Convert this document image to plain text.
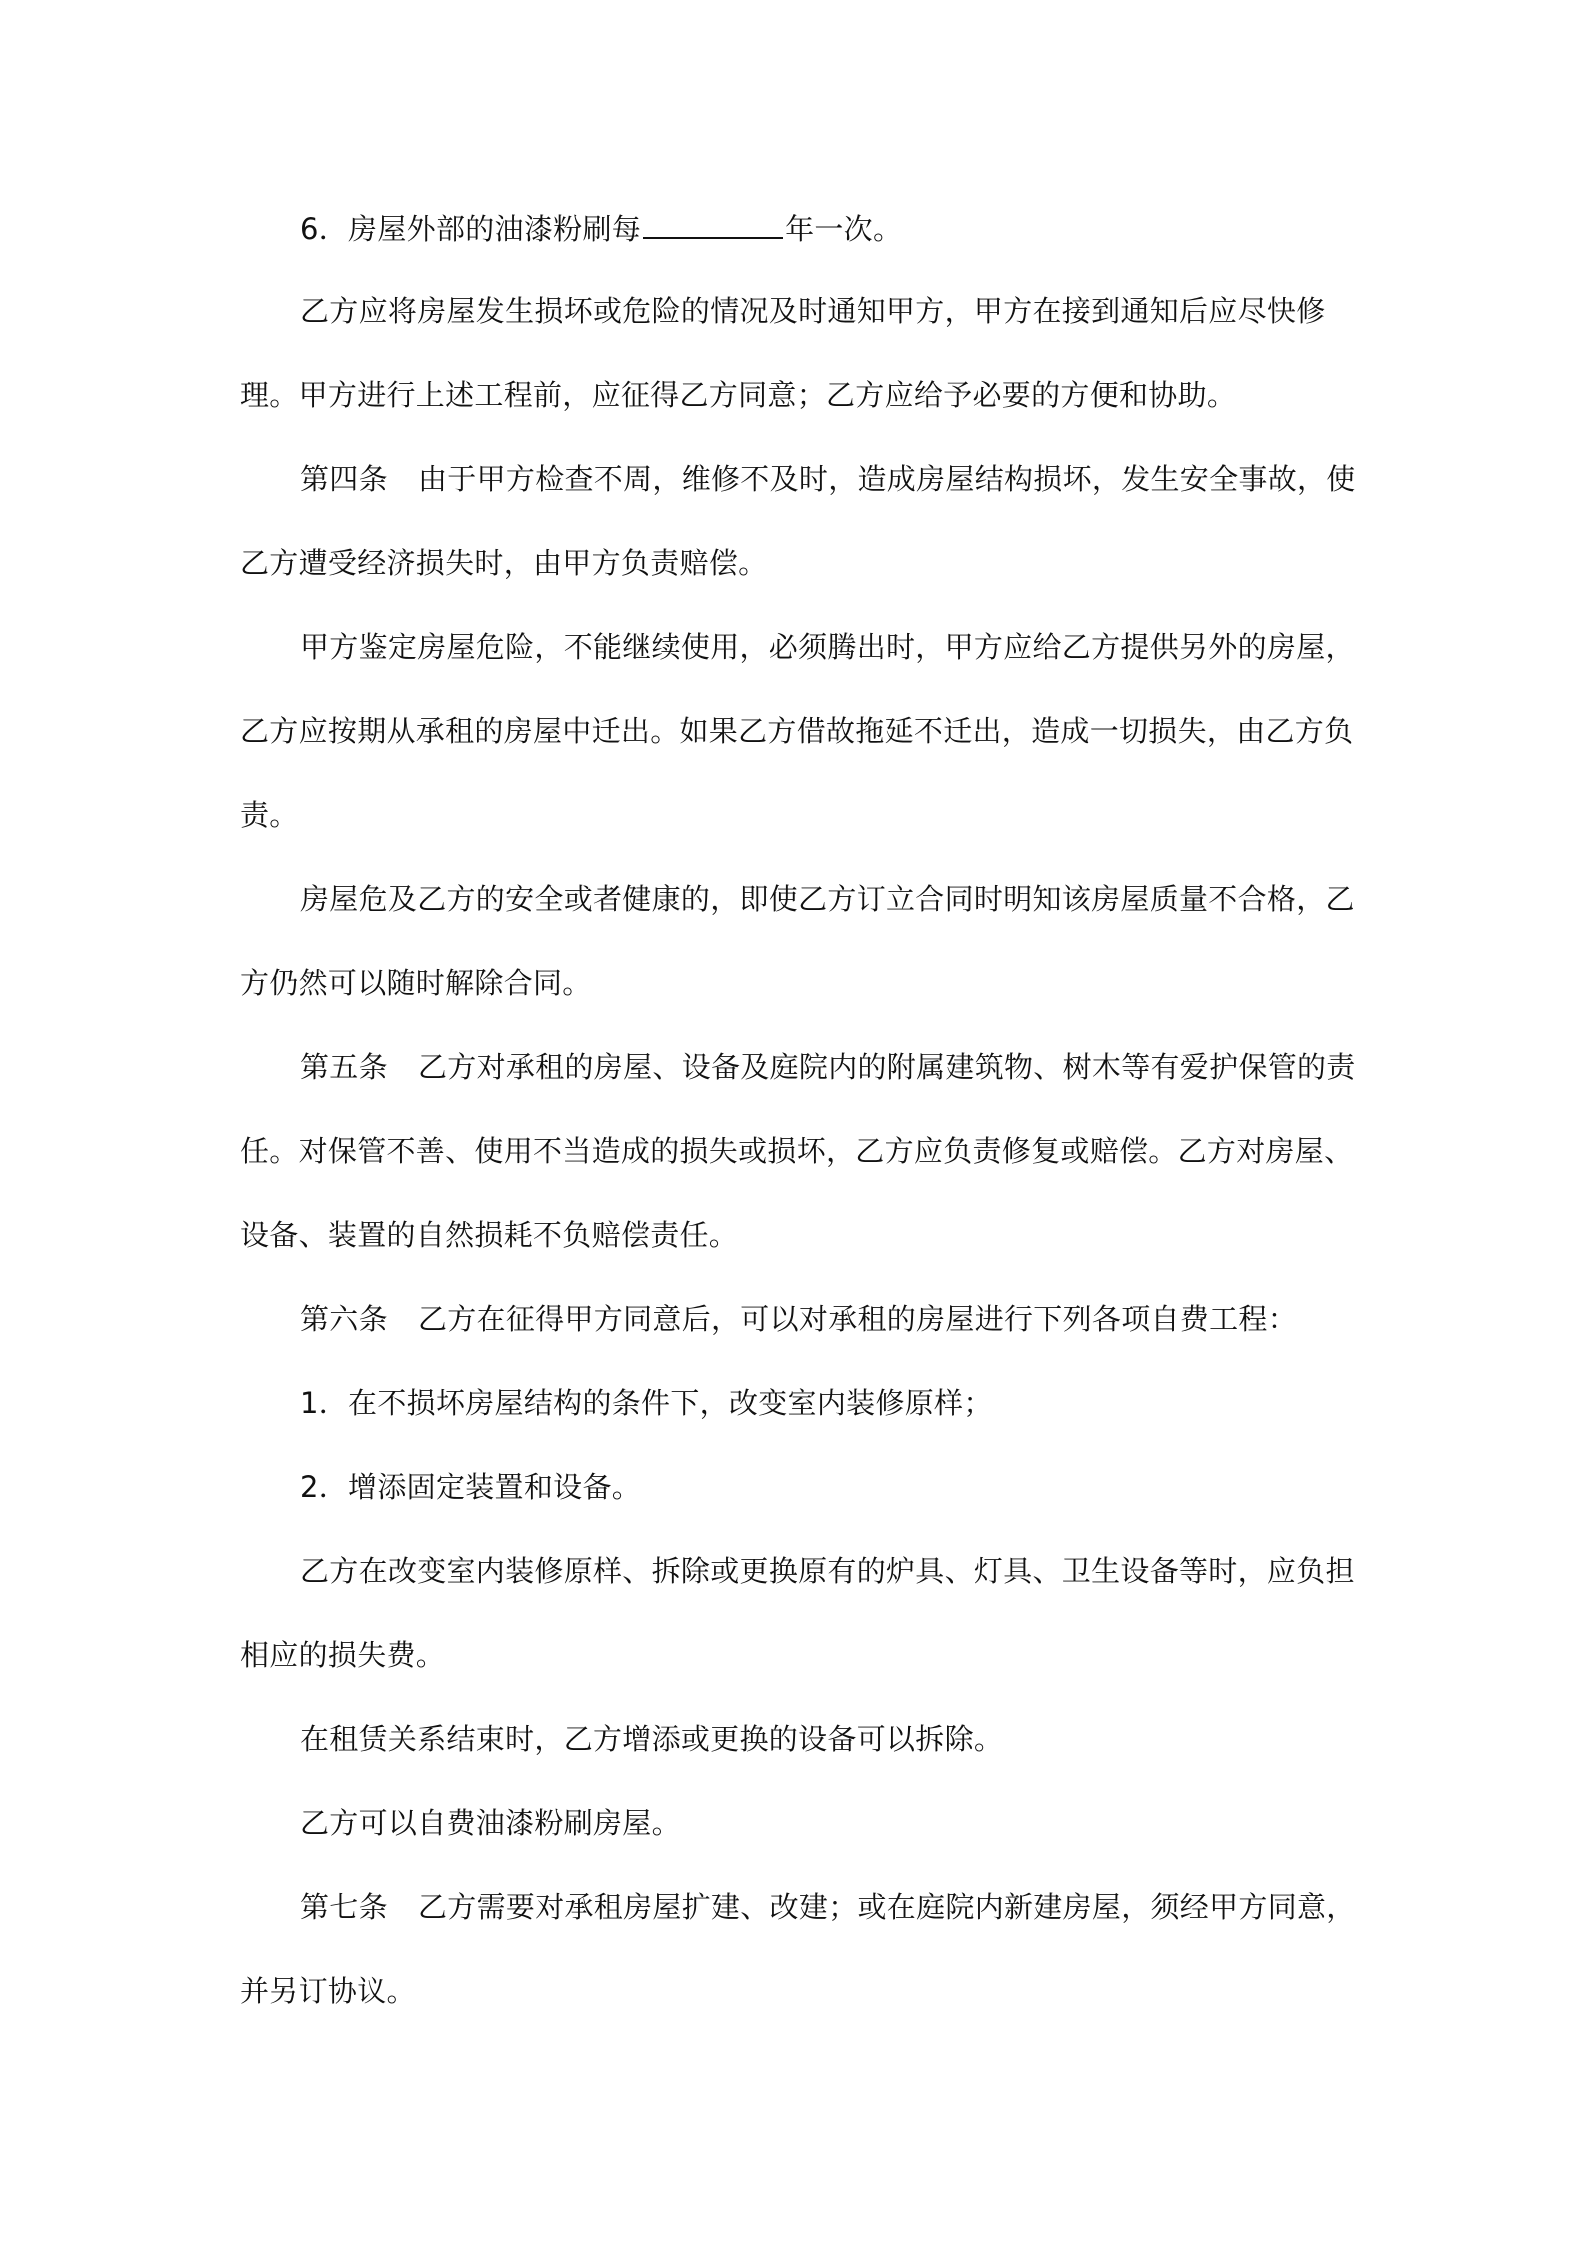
6．房屋外部的油漆粉刷每	年一次。
乙方应将房屋发生损坏或危险的情况及时通知甲方，甲方在接到通知后应尽快修
理。甲方进行上述工程前，应征得乙方同意；乙方应给予必要的方便和协助。
第四条 由于甲方检查不周，维修不及时，造成房屋结构损坏，发生安全事故，使
乙方遭受经济损失时，由甲方负责赔偿。
甲方鉴定房屋危险，不能继续使用，必须腾出时，甲方应给乙方提供另外的房屋，
乙方应按期从承租的房屋中迁出。如果乙方借故拖延不迁出，造成一切损失，由乙方负
责。
房屋危及乙方的安全或者健康的，即使乙方订立合同时明知该房屋质量不合格，乙
方仍然可以随时解除合同。
第五条 乙方对承租的房屋、设备及庭院内的附属建筑物、树木等有爱护保管的责
任。对保管不善、使用不当造成的损失或损坏，乙方应负责修复或赔偿。乙方对房屋、
设备、装置的自然损耗不负赔偿责任。
第六条 乙方在征得甲方同意后，可以对承租的房屋进行下列各项自费工程：
1．在不损坏房屋结构的条件下，改变室内装修原样；
2．增添固定装置和设备。
乙方在改变室内装修原样、拆除或更换原有的炉具、灯具、卫生设备等时，应负担
相应的损失费。
在租赁关系结束时，乙方增添或更换的设备可以拆除。
乙方可以自费油漆粉刷房屋。
第七条 乙方需要对承租房屋扩建、改建；或在庭院内新建房屋，须经甲方同意，
并另订协议。
